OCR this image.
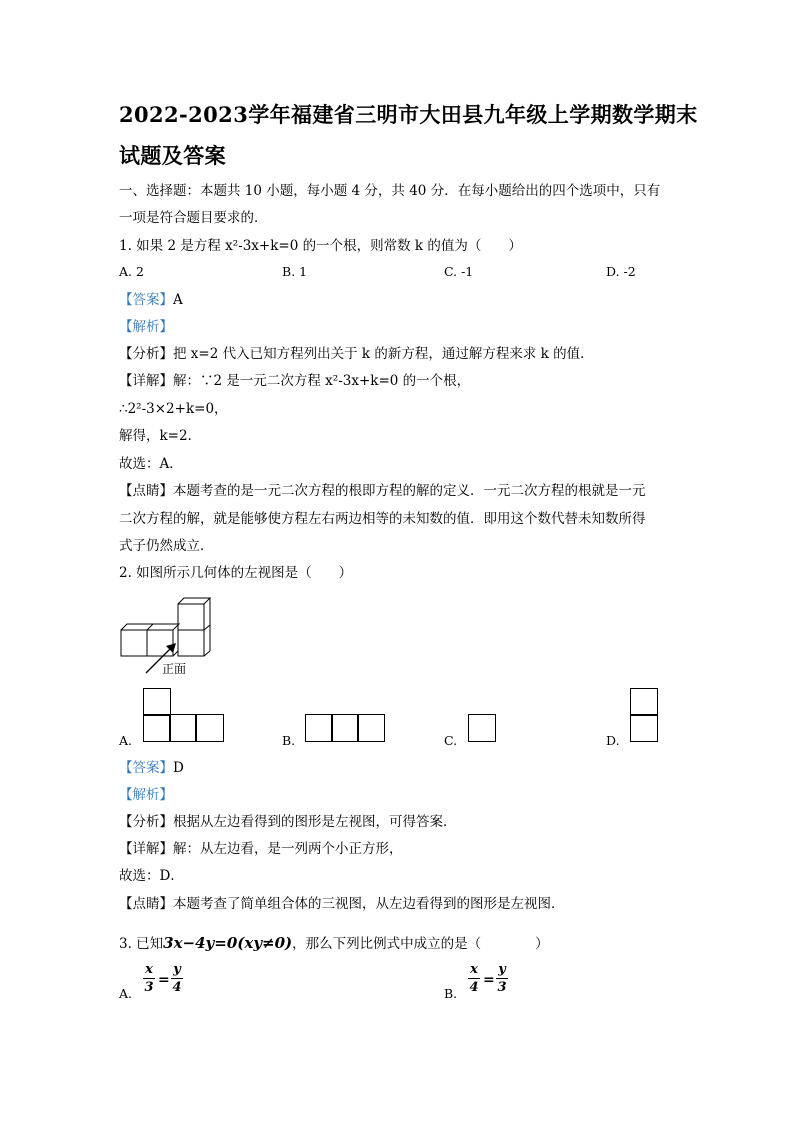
2022-2023学年福建省三明市大田县九年级上学期数学期末
试题及答案
一、选择题：本题共 10 小题，每小题 4 分，共 40 分．在每小题给出的四个选项中，只有
一项是符合题目要求的．
1. 如果 2 是方程 x²-3x+k=0 的一个根，则常数 k 的值为（　　）
A. 2	B. 1	C. -1	D. -2
【答案】A
【解析】
【分析】把 x=2 代入已知方程列出关于 k 的新方程，通过解方程来求 k 的值．
【详解】解：∵2 是一元二次方程 x²-3x+k=0 的一个根，
∴2²-3×2+k=0，
解得，k=2．
故选：A．
【点睛】本题考查的是一元二次方程的根即方程的解的定义．一元二次方程的根就是一元
二次方程的解，就是能够使方程左右两边相等的未知数的值．即用这个数代替未知数所得
式子仍然成立．
2. 如图所示几何体的左视图是（　　）
正面
A.	B.	C.	D.
【答案】D
【解析】
【分析】根据从左边看得到的图形是左视图，可得答案．
【详解】解：从左边看，是一列两个小正方形，
故选：D．
【点睛】本题考查了简单组合体的三视图，从左边看得到的图形是左视图．
3. 已知3x−4y=0(xy≠0)，那么下列比例式中成立的是（　　　　）
A.
x
3 =
y
4	B.
x
4 =
y
3
